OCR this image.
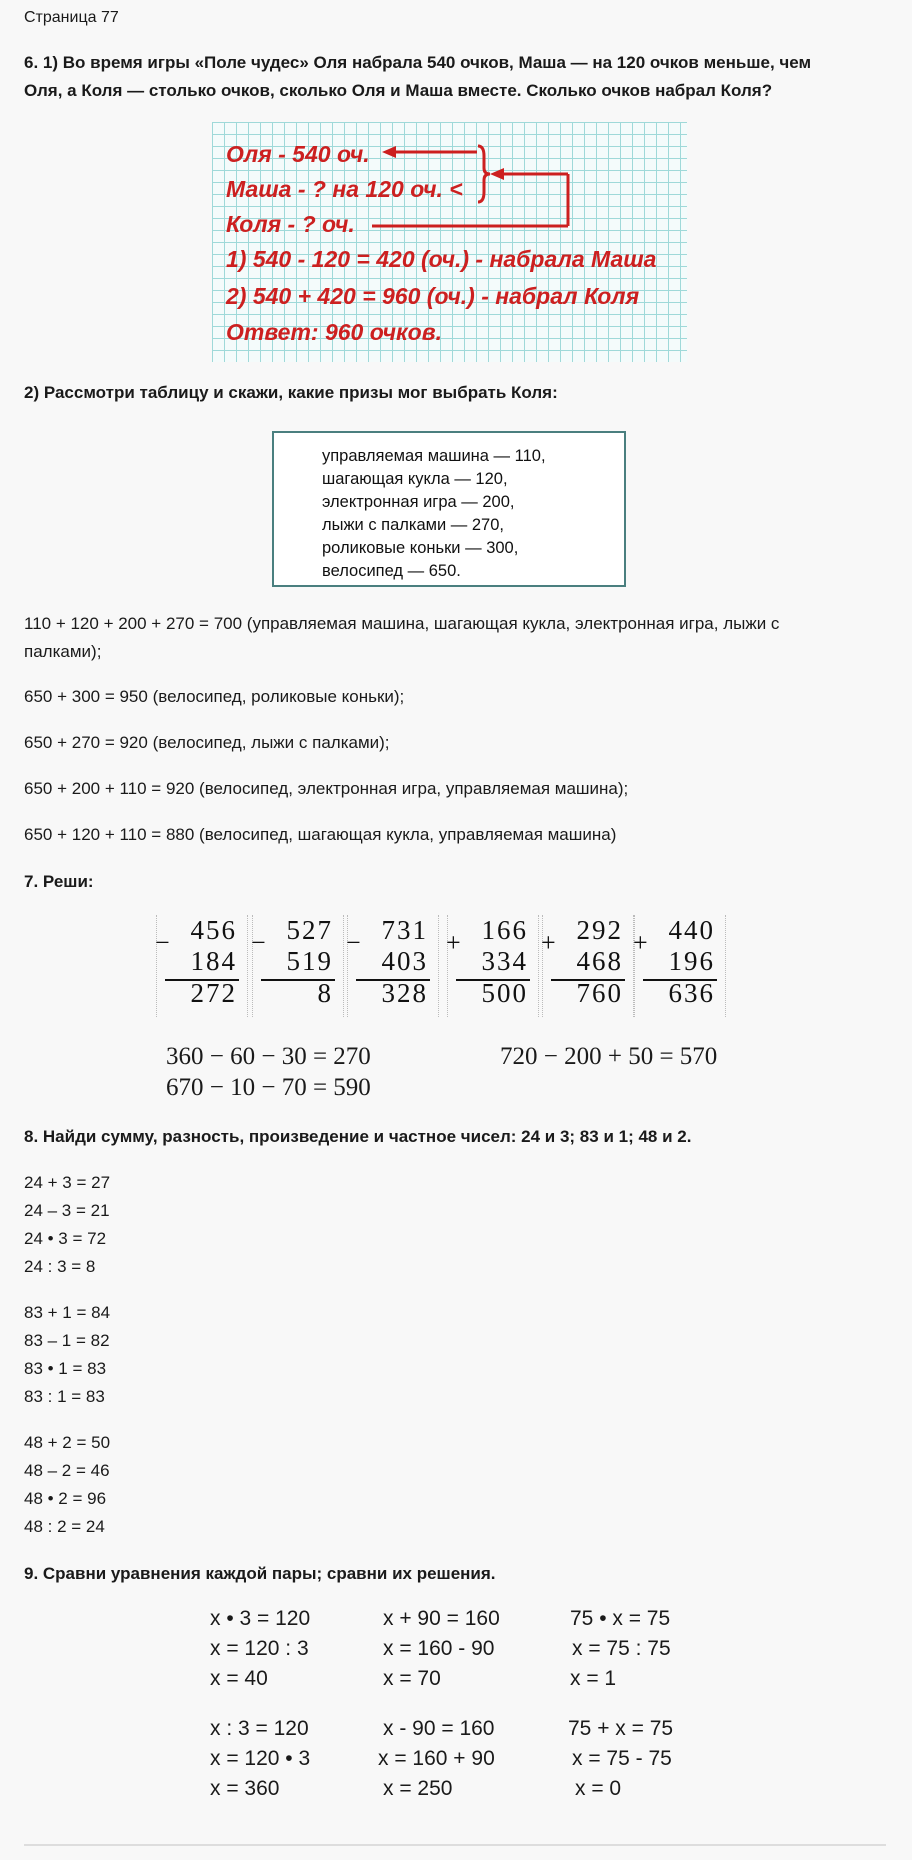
Страница 77
6. 1) Во время игры «Поле чудес» Оля набрала 540 очков, Маша — на 120 очков меньше, чем
Оля, а Коля — столько очков, сколько Оля и Маша вместе. Сколько очков набрал Коля?
Оля - 540 оч.
Маша - ? на 120 оч. <
Коля - ? оч.
1) 540 - 120 = 420 (оч.) - набрала Маша
2) 540 + 420 = 960 (оч.) - набрал Коля
Ответ: 960 очков.
2) Рассмотри таблицу и скажи, какие призы мог выбрать Коля:
управляемая машина — 110,
шагающая кукла — 120,
электронная игра — 200,
лыжи с палками — 270,
роликовые коньки — 300,
велосипед — 650.
110 + 120 + 200 + 270 = 700 (управляемая машина, шагающая кукла, электронная игра, лыжи с
палками);
650 + 300 = 950 (велосипед, роликовые коньки);
650 + 270 = 920 (велосипед, лыжи с палками);
650 + 200 + 110 = 920 (велосипед, электронная игра, управляемая машина);
650 + 120 + 110 = 880 (велосипед, шагающая кукла, управляемая машина)
7. Реши:
456
−
184
272
527
−
519
8
731
−
403
328
166
+
334
500
292
+
468
760
440
+
196
636
360 − 60 − 30 = 270
670 − 10 − 70 = 590
720 − 200 + 50 = 570
8. Найди сумму, разность, произведение и частное чисел: 24 и 3; 83 и 1; 48 и 2.
24 + 3 = 27
24 – 3 = 21
24 • 3 = 72
24 : 3 = 8
83 + 1 = 84
83 – 1 = 82
83 • 1 = 83
83 : 1 = 83
48 + 2 = 50
48 – 2 = 46
48 • 2 = 96
48 : 2 = 24
9. Сравни уравнения каждой пары; сравни их решения.
x • 3 = 120
x = 120 : 3
x = 40
x + 90 = 160
x = 160 - 90
x = 70
75 • x = 75
x = 75 : 75
x = 1
x : 3 = 120
x = 120 • 3
x = 360
x - 90 = 160
x = 160 + 90
x = 250
75 + x = 75
x = 75 - 75
x = 0
